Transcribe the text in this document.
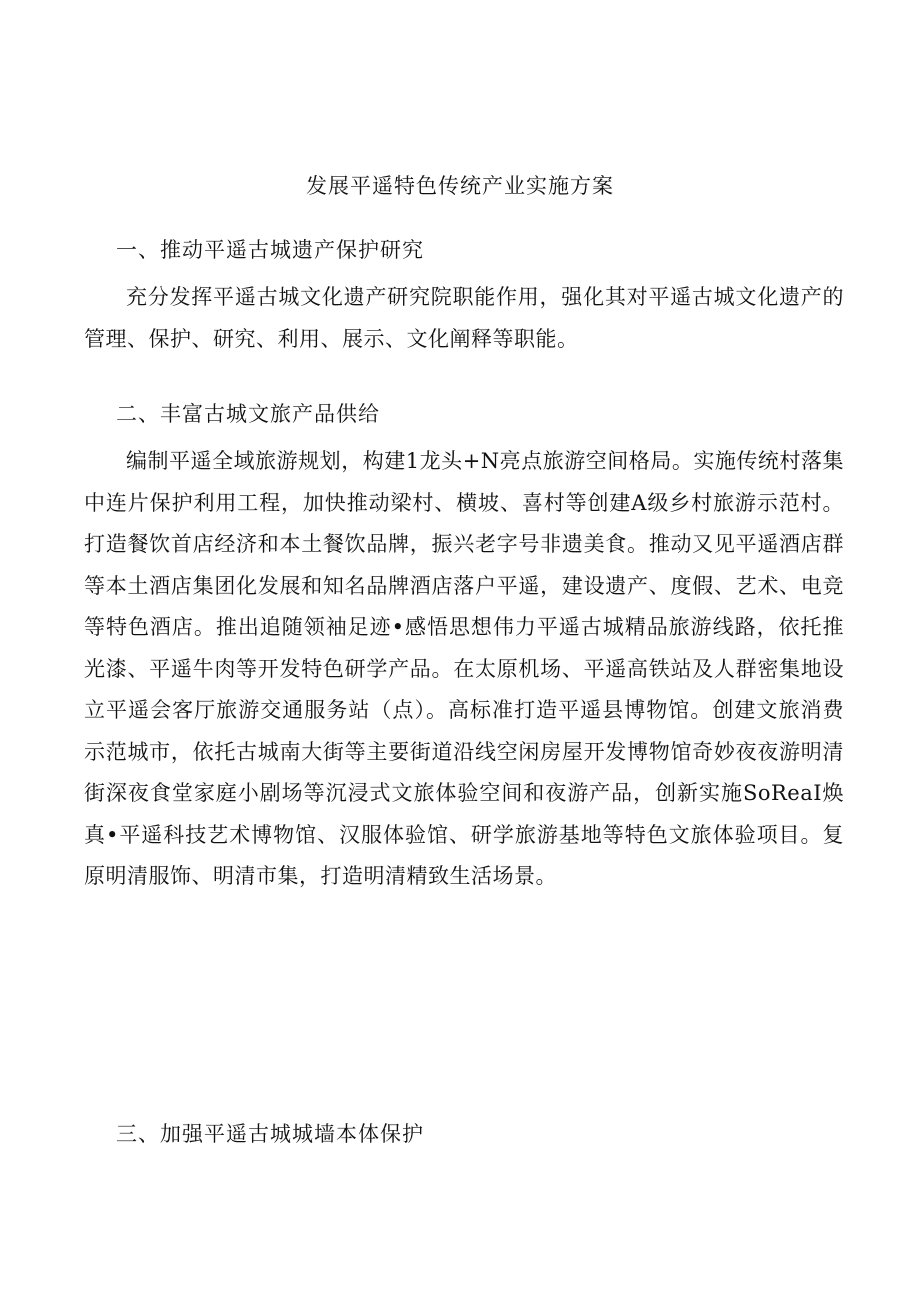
发展平遥特色传统产业实施方案
一、推动平遥古城遗产保护研究
充分发挥平遥古城文化遗产研究院职能作用，强化其对平遥古城文化遗产的管理、保护、研究、利用、展示、文化阐释等职能。
二、丰富古城文旅产品供给
编制平遥全域旅游规划，构建1龙头+N亮点旅游空间格局。实施传统村落集中连片保护利用工程，加快推动梁村、横坡、喜村等创建A级乡村旅游示范村。打造餐饮首店经济和本土餐饮品牌，振兴老字号非遗美食。推动又见平遥酒店群等本土酒店集团化发展和知名品牌酒店落户平遥，建设遗产、度假、艺术、电竞等特色酒店。推出追随领袖足迹•感悟思想伟力平遥古城精品旅游线路，依托推光漆、平遥牛肉等开发特色研学产品。在太原机场、平遥高铁站及人群密集地设立平遥会客厅旅游交通服务站（点）。高标准打造平遥县博物馆。创建文旅消费示范城市，依托古城南大街等主要街道沿线空闲房屋开发博物馆奇妙夜夜游明清街深夜食堂家庭小剧场等沉浸式文旅体验空间和夜游产品，创新实施SoReaI焕真•平遥科技艺术博物馆、汉服体验馆、研学旅游基地等特色文旅体验项目。复原明清服饰、明清市集，打造明清精致生活场景。
三、加强平遥古城城墙本体保护
